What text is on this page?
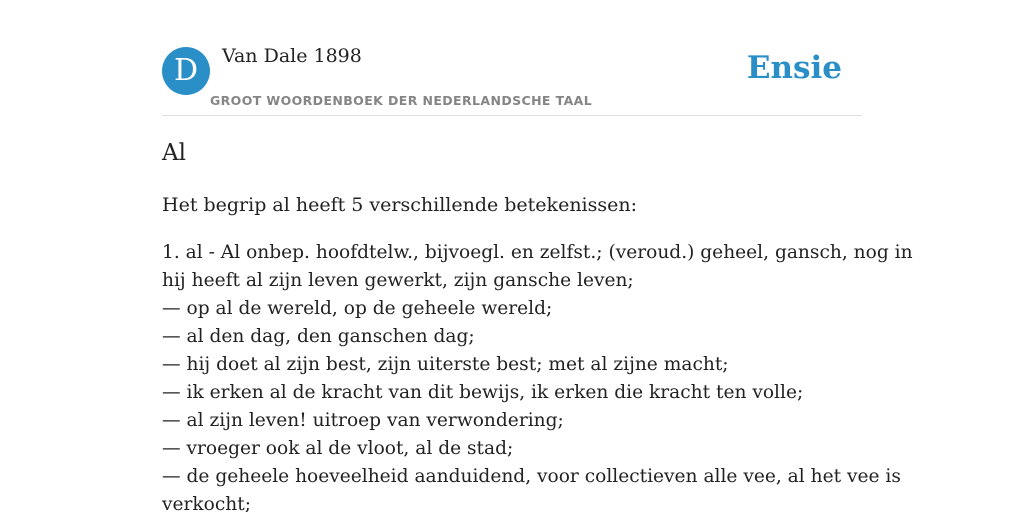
D	Van Dale 1898
GROOT WOORDENBOEK DER NEDERLANDSCHE TAAL
Ensie
Al
Het begrip al heeft 5 verschillende betekenissen:
1. al - Al onbep. hoofdtelw., bijvoegl. en zelfst.; (veroud.) geheel, gansch, nog in
hij heeft al zijn leven gewerkt, zijn gansche leven;
— op al de wereld, op de geheele wereld;
— al den dag, den ganschen dag;
— hij doet al zijn best, zijn uiterste best; met al zijne macht;
— ik erken al de kracht van dit bewijs, ik erken die kracht ten volle;
— al zijn leven! uitroep van verwondering;
— vroeger ook al de vloot, al de stad;
— de geheele hoeveelheid aanduidend, voor collectieven alle vee, al het vee is
verkocht;
